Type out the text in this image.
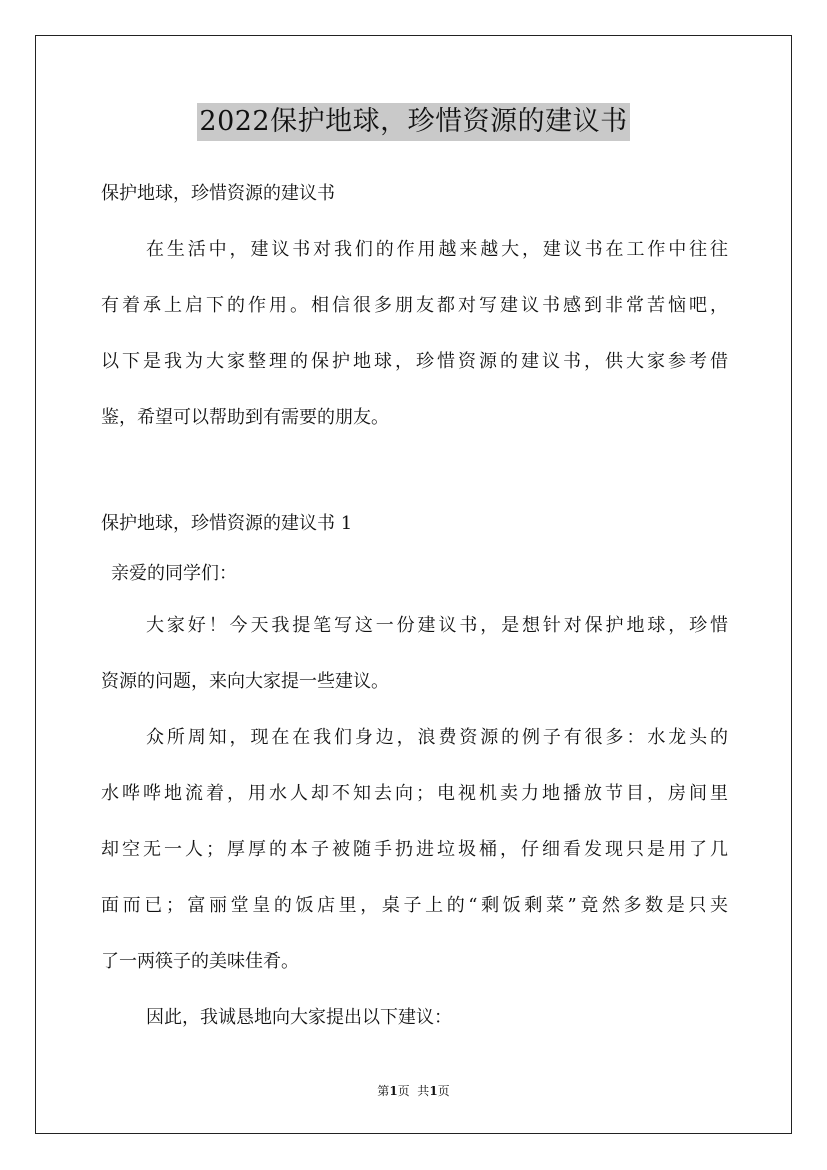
2022保护地球，珍惜资源的建议书
保护地球，珍惜资源的建议书
在生活中，建议书对我们的作用越来越大，建议书在工作中往往
有着承上启下的作用。相信很多朋友都对写建议书感到非常苦恼吧，
以下是我为大家整理的保护地球，珍惜资源的建议书，供大家参考借
鉴，希望可以帮助到有需要的朋友。
保护地球，珍惜资源的建议书 1
亲爱的同学们：
大家好！今天我提笔写这一份建议书，是想针对保护地球，珍惜
资源的问题，来向大家提一些建议。
众所周知，现在在我们身边，浪费资源的例子有很多：水龙头的
水哗哗地流着，用水人却不知去向；电视机卖力地播放节目，房间里
却空无一人；厚厚的本子被随手扔进垃圾桶，仔细看发现只是用了几
面而已；富丽堂皇的饭店里，桌子上的“剩饭剩菜”竟然多数是只夹
了一两筷子的美味佳肴。
因此，我诚恳地向大家提出以下建议：
第1页  共1页
